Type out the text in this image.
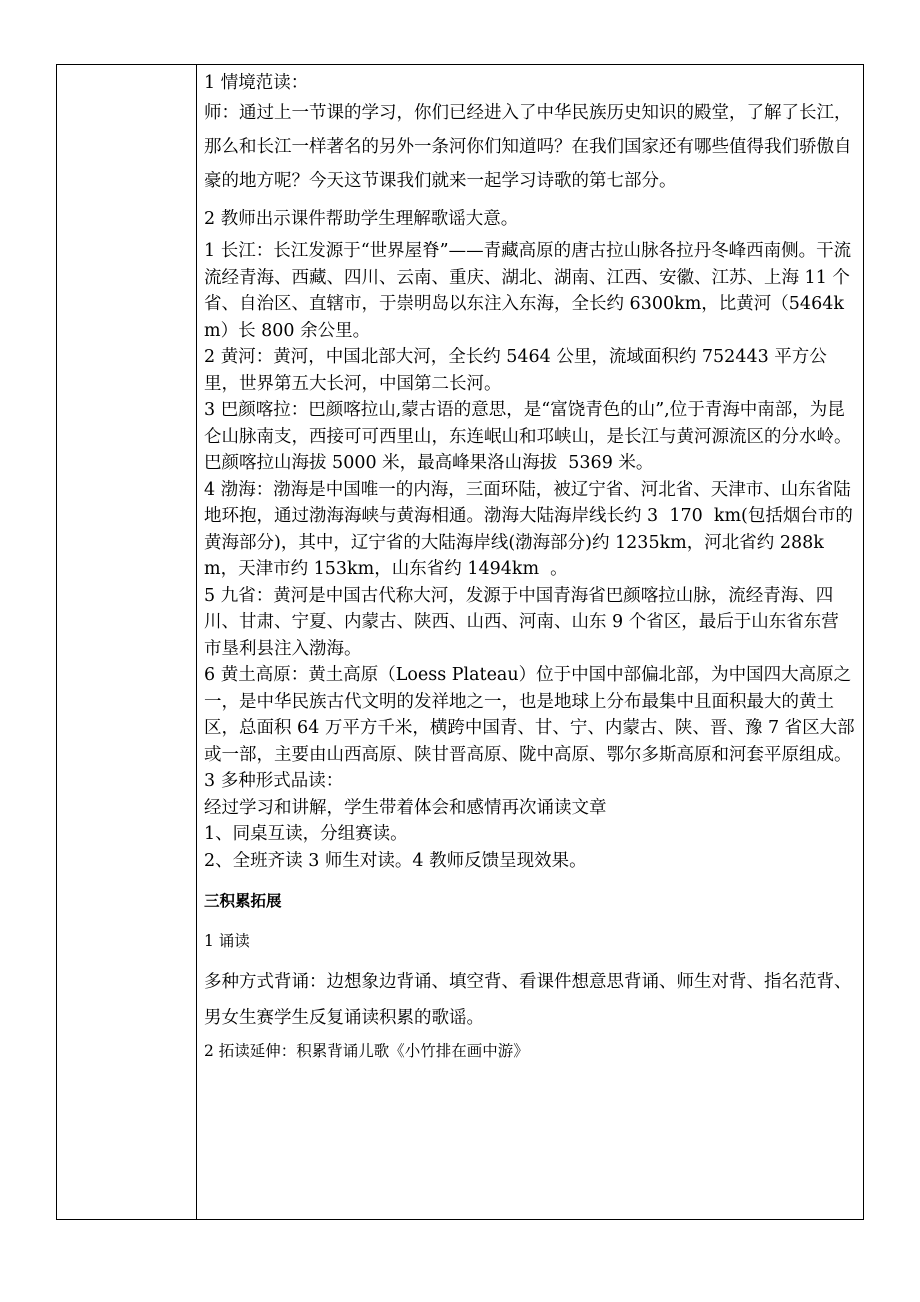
1 情境范读：

师：通过上一节课的学习，你们已经进入了中华民族历史知识的殿堂，了解了长江，那么和长江一样著名的另外一条河你们知道吗？在我们国家还有哪些值得我们骄傲自豪的地方呢？今天这节课我们就来一起学习诗歌的第七部分。

2 教师出示课件帮助学生理解歌谣大意。

1 长江：长江发源于“世界屋脊”——青藏高原的唐古拉山脉各拉丹冬峰西南侧。干流流经青海、西藏、四川、云南、重庆、湖北、湖南、江西、安徽、江苏、上海 11 个省、自治区、直辖市，于崇明岛以东注入东海，全长约 6300km，比黄河（5464km）长 800 余公里。

2 黄河：黄河，中国北部大河，全长约 5464 公里，流域面积约 752443 平方公里，世界第五大长河，中国第二长河。

3 巴颜喀拉：巴颜喀拉山,蒙古语的意思，是“富饶青色的山”,位于青海中南部，为昆仑山脉南支，西接可可西里山，东连岷山和邛峡山，是长江与黄河源流区的分水岭。巴颜喀拉山海拔 5000 米，最高峰果洛山海拔  5369 米。

4 渤海：渤海是中国唯一的内海，三面环陆，被辽宁省、河北省、天津市、山东省陆地环抱，通过渤海海峡与黄海相通。渤海大陆海岸线长约 3  170  km(包括烟台市的黄海部分)，其中，辽宁省的大陆海岸线(渤海部分)约 1235km，河北省约 288km，天津市约 153km，山东省约 1494km  。

5 九省：黄河是中国古代称大河，发源于中国青海省巴颜喀拉山脉，流经青海、四川、甘肃、宁夏、内蒙古、陕西、山西、河南、山东 9 个省区，最后于山东省东营市垦利县注入渤海。

6 黄土高原：黄土高原（Loess Plateau）位于中国中部偏北部，为中国四大高原之一，是中华民族古代文明的发祥地之一，也是地球上分布最集中且面积最大的黄土区，总面积 64 万平方千米，横跨中国青、甘、宁、内蒙古、陕、晋、豫 7 省区大部或一部，主要由山西高原、陕甘晋高原、陇中高原、鄂尔多斯高原和河套平原组成。

3 多种形式品读：

经过学习和讲解，学生带着体会和感情再次诵读文章

1、同桌互读，分组赛读。

2、全班齐读 3 师生对读。4 教师反馈呈现效果。

三积累拓展

1 诵读

多种方式背诵：边想象边背诵、填空背、看课件想意思背诵、师生对背、指名范背、男女生赛学生反复诵读积累的歌谣。

2 拓读延伸：积累背诵儿歌《小竹排在画中游》
